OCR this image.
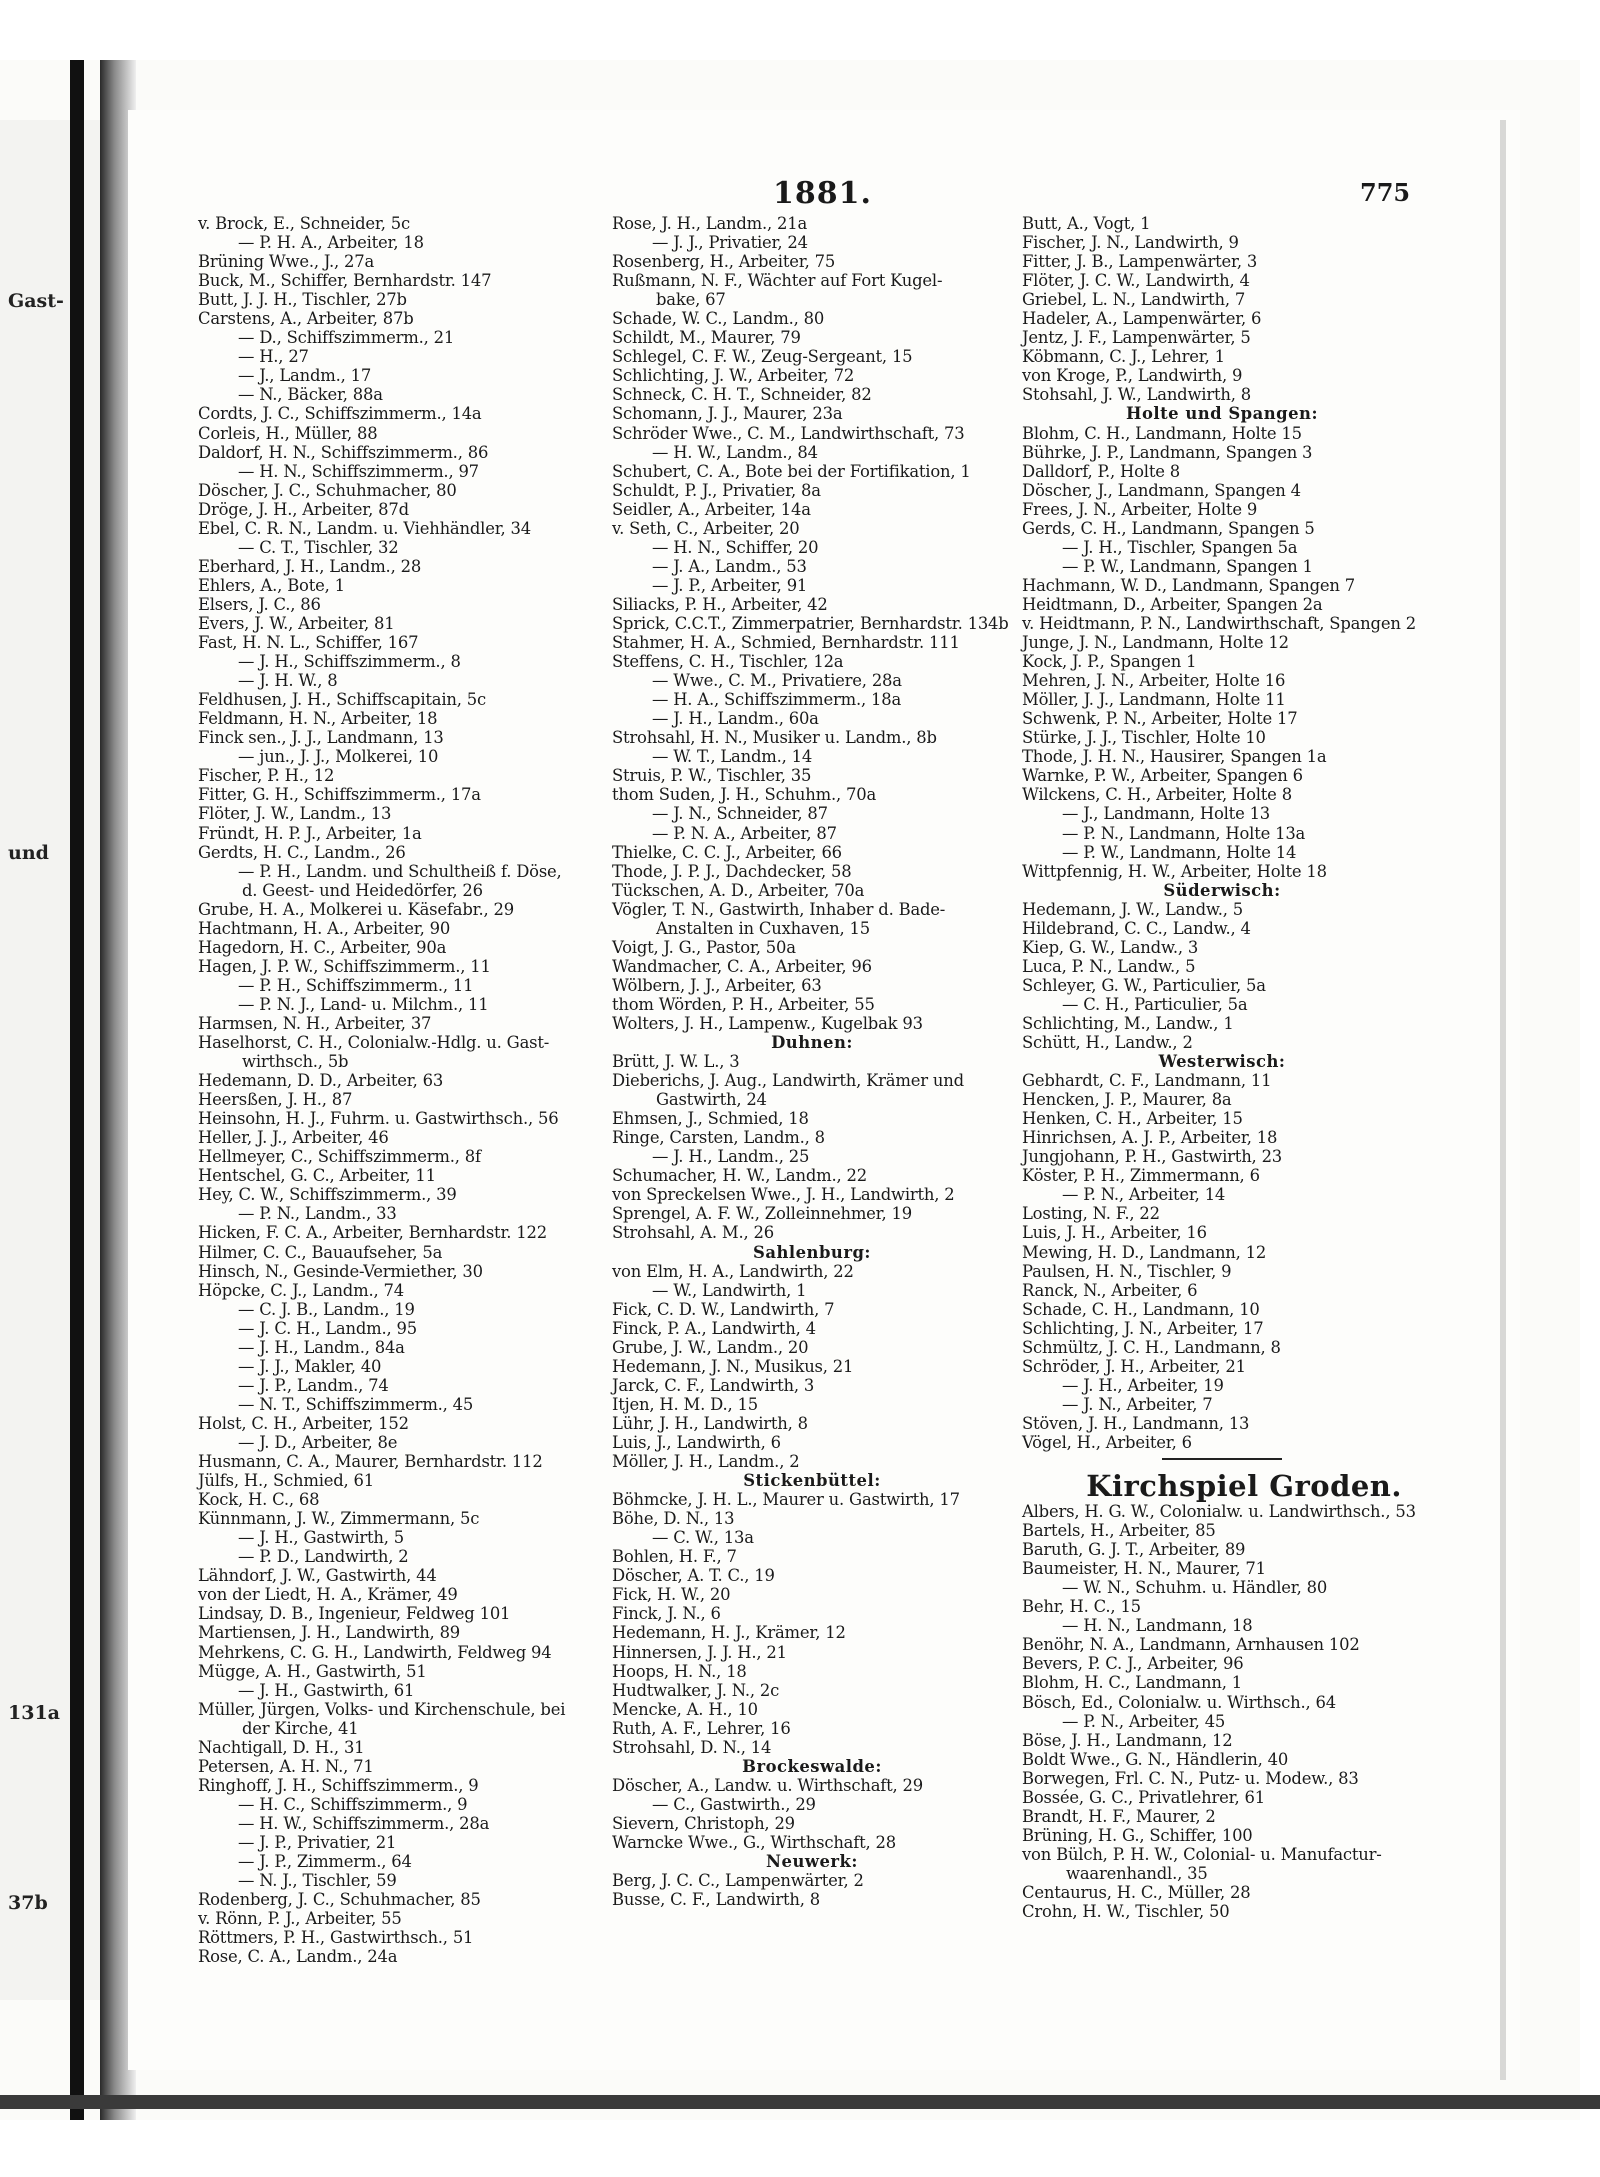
Gast-
und
131a
37b
1881.	775
v. Brock, E., Schneider, 5c
— P. H. A., Arbeiter, 18
Brüning Wwe., J., 27a
Buck, M., Schiffer, Bernhardstr. 147
Butt, J. J. H., Tischler, 27b
Carstens, A., Arbeiter, 87b
— D., Schiffszimmerm., 21
— H., 27
— J., Landm., 17
— N., Bäcker, 88a
Cordts, J. C., Schiffszimmerm., 14a
Corleis, H., Müller, 88
Daldorf, H. N., Schiffszimmerm., 86
— H. N., Schiffszimmerm., 97
Döscher, J. C., Schuhmacher, 80
Dröge, J. H., Arbeiter, 87d
Ebel, C. R. N., Landm. u. Viehhändler, 34
— C. T., Tischler, 32
Eberhard, J. H., Landm., 28
Ehlers, A., Bote, 1
Elsers, J. C., 86
Evers, J. W., Arbeiter, 81
Fast, H. N. L., Schiffer, 167
— J. H., Schiffszimmerm., 8
— J. H. W., 8
Feldhusen, J. H., Schiffscapitain, 5c
Feldmann, H. N., Arbeiter, 18
Finck sen., J. J., Landmann, 13
— jun., J. J., Molkerei, 10
Fischer, P. H., 12
Fitter, G. H., Schiffszimmerm., 17a
Flöter, J. W., Landm., 13
Fründt, H. P. J., Arbeiter, 1a
Gerdts, H. C., Landm., 26
— P. H., Landm. und Schultheiß f. Döse,
d. Geest- und Heidedörfer, 26
Grube, H. A., Molkerei u. Käsefabr., 29
Hachtmann, H. A., Arbeiter, 90
Hagedorn, H. C., Arbeiter, 90a
Hagen, J. P. W., Schiffszimmerm., 11
— P. H., Schiffszimmerm., 11
— P. N. J., Land- u. Milchm., 11
Harmsen, N. H., Arbeiter, 37
Haselhorst, C. H., Colonialw.-Hdlg. u. Gast-
wirthsch., 5b
Hedemann, D. D., Arbeiter, 63
Heersßen, J. H., 87
Heinsohn, H. J., Fuhrm. u. Gastwirthsch., 56
Heller, J. J., Arbeiter, 46
Hellmeyer, C., Schiffszimmerm., 8f
Hentschel, G. C., Arbeiter, 11
Hey, C. W., Schiffszimmerm., 39
— P. N., Landm., 33
Hicken, F. C. A., Arbeiter, Bernhardstr. 122
Hilmer, C. C., Bauaufseher, 5a
Hinsch, N., Gesinde-Vermiether, 30
Höpcke, C. J., Landm., 74
— C. J. B., Landm., 19
— J. C. H., Landm., 95
— J. H., Landm., 84a
— J. J., Makler, 40
— J. P., Landm., 74
— N. T., Schiffszimmerm., 45
Holst, C. H., Arbeiter, 152
— J. D., Arbeiter, 8e
Husmann, C. A., Maurer, Bernhardstr. 112
Jülfs, H., Schmied, 61
Kock, H. C., 68
Künnmann, J. W., Zimmermann, 5c
— J. H., Gastwirth, 5
— P. D., Landwirth, 2
Lähndorf, J. W., Gastwirth, 44
von der Liedt, H. A., Krämer, 49
Lindsay, D. B., Ingenieur, Feldweg 101
Martiensen, J. H., Landwirth, 89
Mehrkens, C. G. H., Landwirth, Feldweg 94
Mügge, A. H., Gastwirth, 51
— J. H., Gastwirth, 61
Müller, Jürgen, Volks- und Kirchenschule, bei
der Kirche, 41
Nachtigall, D. H., 31
Petersen, A. H. N., 71
Ringhoff, J. H., Schiffszimmerm., 9
— H. C., Schiffszimmerm., 9
— H. W., Schiffszimmerm., 28a
— J. P., Privatier, 21
— J. P., Zimmerm., 64
— N. J., Tischler, 59
Rodenberg, J. C., Schuhmacher, 85
v. Rönn, P. J., Arbeiter, 55
Röttmers, P. H., Gastwirthsch., 51
Rose, C. A., Landm., 24a
Rose, J. H., Landm., 21a
— J. J., Privatier, 24
Rosenberg, H., Arbeiter, 75
Rußmann, N. F., Wächter auf Fort Kugel-
bake, 67
Schade, W. C., Landm., 80
Schildt, M., Maurer, 79
Schlegel, C. F. W., Zeug-Sergeant, 15
Schlichting, J. W., Arbeiter, 72
Schneck, C. H. T., Schneider, 82
Schomann, J. J., Maurer, 23a
Schröder Wwe., C. M., Landwirthschaft, 73
— H. W., Landm., 84
Schubert, C. A., Bote bei der Fortifikation, 1
Schuldt, P. J., Privatier, 8a
Seidler, A., Arbeiter, 14a
v. Seth, C., Arbeiter, 20
— H. N., Schiffer, 20
— J. A., Landm., 53
— J. P., Arbeiter, 91
Siliacks, P. H., Arbeiter, 42
Sprick, C.C.T., Zimmerpatrier, Bernhardstr. 134b
Stahmer, H. A., Schmied, Bernhardstr. 111
Steffens, C. H., Tischler, 12a
— Wwe., C. M., Privatiere, 28a
— H. A., Schiffszimmerm., 18a
— J. H., Landm., 60a
Strohsahl, H. N., Musiker u. Landm., 8b
— W. T., Landm., 14
Struis, P. W., Tischler, 35
thom Suden, J. H., Schuhm., 70a
— J. N., Schneider, 87
— P. N. A., Arbeiter, 87
Thielke, C. C. J., Arbeiter, 66
Thode, J. P. J., Dachdecker, 58
Tückschen, A. D., Arbeiter, 70a
Vögler, T. N., Gastwirth, Inhaber d. Bade-
Anstalten in Cuxhaven, 15
Voigt, J. G., Pastor, 50a
Wandmacher, C. A., Arbeiter, 96
Wölbern, J. J., Arbeiter, 63
thom Wörden, P. H., Arbeiter, 55
Wolters, J. H., Lampenw., Kugelbak 93
Duhnen:
Brütt, J. W. L., 3
Dieberichs, J. Aug., Landwirth, Krämer und
Gastwirth, 24
Ehmsen, J., Schmied, 18
Ringe, Carsten, Landm., 8
— J. H., Landm., 25
Schumacher, H. W., Landm., 22
von Spreckelsen Wwe., J. H., Landwirth, 2
Sprengel, A. F. W., Zolleinnehmer, 19
Strohsahl, A. M., 26
Sahlenburg:
von Elm, H. A., Landwirth, 22
— W., Landwirth, 1
Fick, C. D. W., Landwirth, 7
Finck, P. A., Landwirth, 4
Grube, J. W., Landm., 20
Hedemann, J. N., Musikus, 21
Jarck, C. F., Landwirth, 3
Itjen, H. M. D., 15
Lühr, J. H., Landwirth, 8
Luis, J., Landwirth, 6
Möller, J. H., Landm., 2
Stickenbüttel:
Böhmcke, J. H. L., Maurer u. Gastwirth, 17
Böhe, D. N., 13
— C. W., 13a
Bohlen, H. F., 7
Döscher, A. T. C., 19
Fick, H. W., 20
Finck, J. N., 6
Hedemann, H. J., Krämer, 12
Hinnersen, J. J. H., 21
Hoops, H. N., 18
Hudtwalker, J. N., 2c
Mencke, A. H., 10
Ruth, A. F., Lehrer, 16
Strohsahl, D. N., 14
Brockeswalde:
Döscher, A., Landw. u. Wirthschaft, 29
— C., Gastwirth., 29
Sievern, Christoph, 29
Warncke Wwe., G., Wirthschaft, 28
Neuwerk:
Berg, J. C. C., Lampenwärter, 2
Busse, C. F., Landwirth, 8
Butt, A., Vogt, 1
Fischer, J. N., Landwirth, 9
Fitter, J. B., Lampenwärter, 3
Flöter, J. C. W., Landwirth, 4
Griebel, L. N., Landwirth, 7
Hadeler, A., Lampenwärter, 6
Jentz, J. F., Lampenwärter, 5
Köbmann, C. J., Lehrer, 1
von Kroge, P., Landwirth, 9
Stohsahl, J. W., Landwirth, 8
Holte und Spangen:
Blohm, C. H., Landmann, Holte 15
Bührke, J. P., Landmann, Spangen 3
Dalldorf, P., Holte 8
Döscher, J., Landmann, Spangen 4
Frees, J. N., Arbeiter, Holte 9
Gerds, C. H., Landmann, Spangen 5
— J. H., Tischler, Spangen 5a
— P. W., Landmann, Spangen 1
Hachmann, W. D., Landmann, Spangen 7
Heidtmann, D., Arbeiter, Spangen 2a
v. Heidtmann, P. N., Landwirthschaft, Spangen 2
Junge, J. N., Landmann, Holte 12
Kock, J. P., Spangen 1
Mehren, J. N., Arbeiter, Holte 16
Möller, J. J., Landmann, Holte 11
Schwenk, P. N., Arbeiter, Holte 17
Stürke, J. J., Tischler, Holte 10
Thode, J. H. N., Hausirer, Spangen 1a
Warnke, P. W., Arbeiter, Spangen 6
Wilckens, C. H., Arbeiter, Holte 8
— J., Landmann, Holte 13
— P. N., Landmann, Holte 13a
— P. W., Landmann, Holte 14
Wittpfennig, H. W., Arbeiter, Holte 18
Süderwisch:
Hedemann, J. W., Landw., 5
Hildebrand, C. C., Landw., 4
Kiep, G. W., Landw., 3
Luca, P. N., Landw., 5
Schleyer, G. W., Particulier, 5a
— C. H., Particulier, 5a
Schlichting, M., Landw., 1
Schütt, H., Landw., 2
Westerwisch:
Gebhardt, C. F., Landmann, 11
Hencken, J. P., Maurer, 8a
Henken, C. H., Arbeiter, 15
Hinrichsen, A. J. P., Arbeiter, 18
Jungjohann, P. H., Gastwirth, 23
Köster, P. H., Zimmermann, 6
— P. N., Arbeiter, 14
Losting, N. F., 22
Luis, J. H., Arbeiter, 16
Mewing, H. D., Landmann, 12
Paulsen, H. N., Tischler, 9
Ranck, N., Arbeiter, 6
Schade, C. H., Landmann, 10
Schlichting, J. N., Arbeiter, 17
Schmültz, J. C. H., Landmann, 8
Schröder, J. H., Arbeiter, 21
— J. H., Arbeiter, 19
— J. N., Arbeiter, 7
Stöven, J. H., Landmann, 13
Vögel, H., Arbeiter, 6
Kirchspiel Groden.
Albers, H. G. W., Colonialw. u. Landwirthsch., 53
Bartels, H., Arbeiter, 85
Baruth, G. J. T., Arbeiter, 89
Baumeister, H. N., Maurer, 71
— W. N., Schuhm. u. Händler, 80
Behr, H. C., 15
— H. N., Landmann, 18
Benöhr, N. A., Landmann, Arnhausen 102
Bevers, P. C. J., Arbeiter, 96
Blohm, H. C., Landmann, 1
Bösch, Ed., Colonialw. u. Wirthsch., 64
— P. N., Arbeiter, 45
Böse, J. H., Landmann, 12
Boldt Wwe., G. N., Händlerin, 40
Borwegen, Frl. C. N., Putz- u. Modew., 83
Bossée, G. C., Privatlehrer, 61
Brandt, H. F., Maurer, 2
Brüning, H. G., Schiffer, 100
von Bülch, P. H. W., Colonial- u. Manufactur-
waarenhandl., 35
Centaurus, H. C., Müller, 28
Crohn, H. W., Tischler, 50
